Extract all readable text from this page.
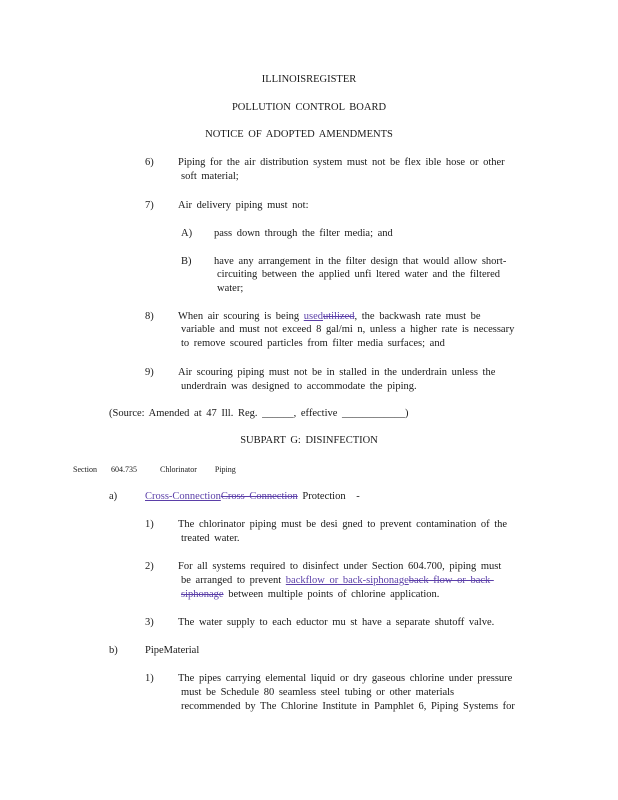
ILLINOISREGISTER
POLLUTION CONTROL BOARD
NOTICE OF ADOPTED AMENDMENTS
6) Piping for the air distribution system must not be flex ible hose or other
soft material;
7) Air delivery piping must not:
A) pass down through the filter media; and
B) have any arrangement in the filter design that would allow short-
circuiting between the applied unfi ltered water and the filtered
water;
8) When air scouring is being usedutilized, the backwash rate must be
variable and must not exceed 8 gal/mi n, unless a higher rate is necessary
to remove scoured particles from filter media surfaces; and
9) Air scouring piping must not be in stalled in the underdrain unless the
underdrain was designed to accommodate the piping.
(Source: Amended at 47 Ill. Reg. ______, effective ____________)
SUBPART G: DISINFECTION
Section 604.735	Chlorinator Piping
a)	Cross-ConnectionCross Connection Protection -
1) The chlorinator piping must be desi gned to prevent contamination of the
treated water.
2) For all systems required to disinfect under Section 604.700, piping must
be arranged to prevent backflow or back-siphonageback flow or back-
siphonage between multiple points of chlorine application.
3) The water supply to each eductor mu st have a separate shutoff valve.
b)	PipeMaterial
1) The pipes carrying elemental liquid or dry gaseous chlorine under pressure
must be Schedule 80 seamless steel tubing or other materials
recommended by The Chlorine Institute in Pamphlet 6, Piping Systems for
